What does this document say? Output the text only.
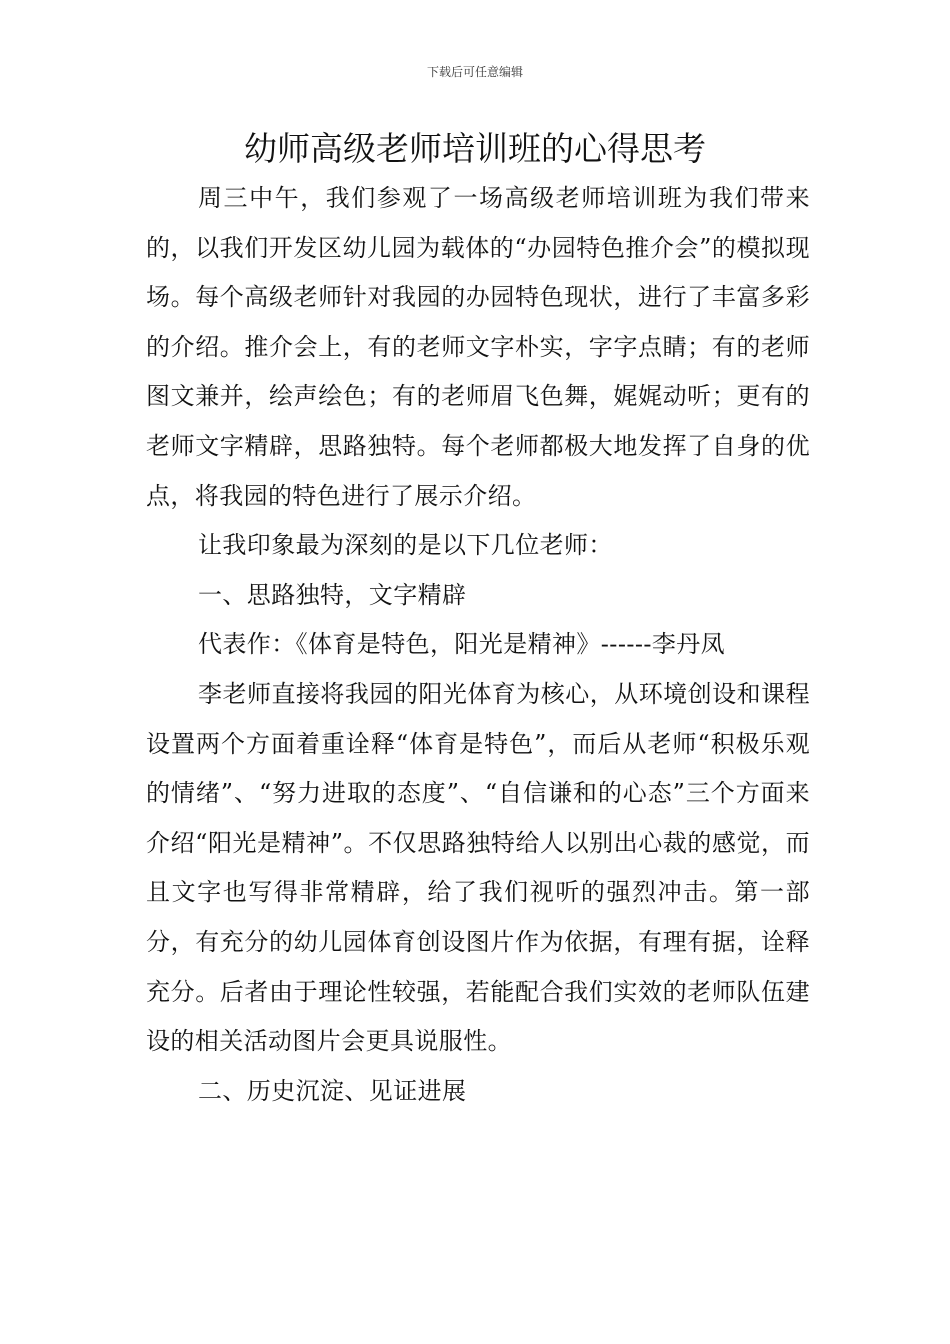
下载后可任意编辑
幼师高级老师培训班的心得思考

周三中午，我们参观了一场高级老师培训班为我们带来的，以我们开发区幼儿园为载体的“办园特色推介会”的模拟现场。每个高级老师针对我园的办园特色现状，进行了丰富多彩的介绍。推介会上，有的老师文字朴实，字字点睛；有的老师图文兼并，绘声绘色；有的老师眉飞色舞，娓娓动听；更有的老师文字精辟，思路独特。每个老师都极大地发挥了自身的优点，将我园的特色进行了展示介绍。

让我印象最为深刻的是以下几位老师：

一、思路独特，文字精辟

代表作：《体育是特色，阳光是精神》------李丹凤

李老师直接将我园的阳光体育为核心，从环境创设和课程设置两个方面着重诠释“体育是特色”，而后从老师“积极乐观的情绪”、“努力进取的态度”、“自信谦和的心态”三个方面来介绍“阳光是精神”。不仅思路独特给人以别出心裁的感觉，而且文字也写得非常精辟，给了我们视听的强烈冲击。第一部分，有充分的幼儿园体育创设图片作为依据，有理有据，诠释充分。后者由于理论性较强，若能配合我们实效的老师队伍建设的相关活动图片会更具说服性。

二、历史沉淀、见证进展
